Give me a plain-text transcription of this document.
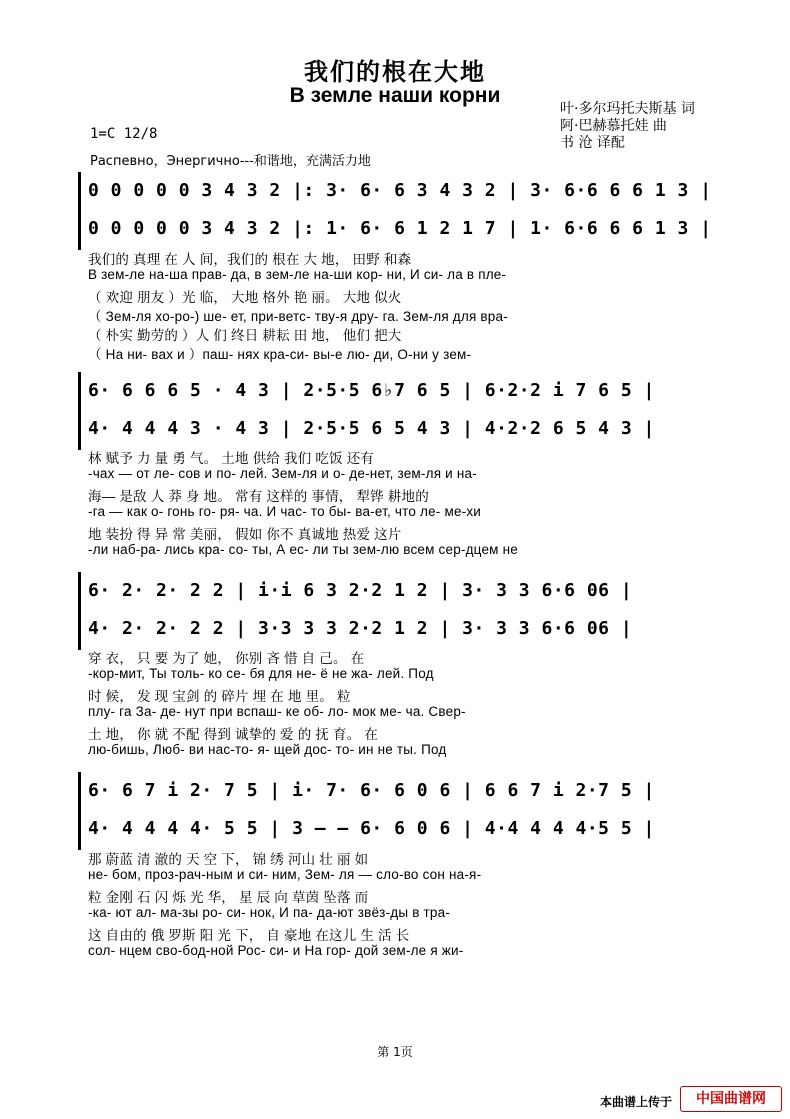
我们的根在大地
В земле наши корни
叶·多尔玛托夫斯基 词
阿·巴赫慕托娃 曲
书 沧 译配
1=C 12/8
Распевно，Энергично---和谐地，充满活力地
0 0 0 0 0 3 4 3 2 |: 3· 6· 6 3 4 3 2 | 3· 6·6 6 6 1 3 |
0 0 0 0 0 3 4 3 2 |: 1· 6· 6 1 2 1 7 | 1· 6·6 6 6 1 3 |
我们的 真理 在 人 间，我们的 根在 大 地， 田野 和森
В зем-ле на-ша прав- да, в зем-ле на-ши кор- ни, И си- ла в пле-
（ 欢迎 朋友 ）光 临， 大地 格外 艳 丽。 大地 似火
（ Зем-ля хо-ро-) ше- ет, при-ветс- тву-я дру- га. Зем-ля для вра-
（ 朴实 勤劳的 ）人 们 终日 耕耘 田 地， 他们 把大
（ На ни- вах и ）паш- нях кра-си- вы-е лю- ди, О-ни у зем-
6· 6 6 6 5 · 4 3 | 2·5·5 6♭7 6 5 | 6·2·2 i 7 6 5 |
4· 4 4 4 3 · 4 3 | 2·5·5 6 5 4 3 | 4·2·2 6 5 4 3 |
林 赋予 力 量 勇 气。 土地 供给 我们 吃饭 还有
-чах — от ле- сов и по- лей. Зем-ля и о- де-нет, зем-ля и на-
海— 是敌 人 莽 身 地。 常有 这样的 事情， 犁铧 耕地的
-га — как о- гонь го- ря- ча. И час- то бы- ва-ет, что ле- ме-хи
地 装扮 得 异 常 美丽， 假如 你不 真诚地 热爱 这片
-ли наб-ра- лись кра- со- ты, А ес- ли ты зем-лю всем сер-дцем не
6· 2· 2· 2 2 | i·i 6 3 2·2 1 2 | 3· 3 3 6·6 06 |
4· 2· 2· 2 2 | 3·3 3 3 2·2 1 2 | 3· 3 3 6·6 06 |
穿 衣， 只 要 为了 她， 你别 吝 惜 自 己。 在
-кор-мит, Ты толь- ко се- бя для не- ё не жа- лей. Под
时 候， 发 现 宝剑 的 碎片 埋 在 地 里。 粒
плу- га За- де- нут при вспаш- ке об- ло- мок ме- ча. Свер-
土 地， 你 就 不配 得到 诚挚的 爱 的 抚 育。 在
лю-бишь, Люб- ви нас-то- я- щей дос- то- ин не ты. Под
6· 6 7 i 2· 7 5 | i· 7· 6· 6 0 6 | 6 6 7 i 2·7 5 |
4· 4 4 4 4· 5 5 | 3 — — 6· 6 0 6 | 4·4 4 4 4·5 5 |
那 蔚蓝 清 澈的 天 空 下， 锦 绣 河山 壮 丽 如
не- бом, проз-рач-ным и си- ним, Зем- ля — сло-во сон на-я-
粒 金刚 石 闪 烁 光 华， 星 辰 向 草茵 坠落 而
-ка- ют ал- ма-зы ро- си- нок, И па- да-ют звёз-ды в тра-
这 自由的 俄 罗斯 阳 光 下， 自 豪地 在这儿 生 活 长
сол- нцем сво-бод-ной Рос- си- и На гор- дой зем-ле я жи-
第 1页
本曲谱上传于	中国曲谱网
